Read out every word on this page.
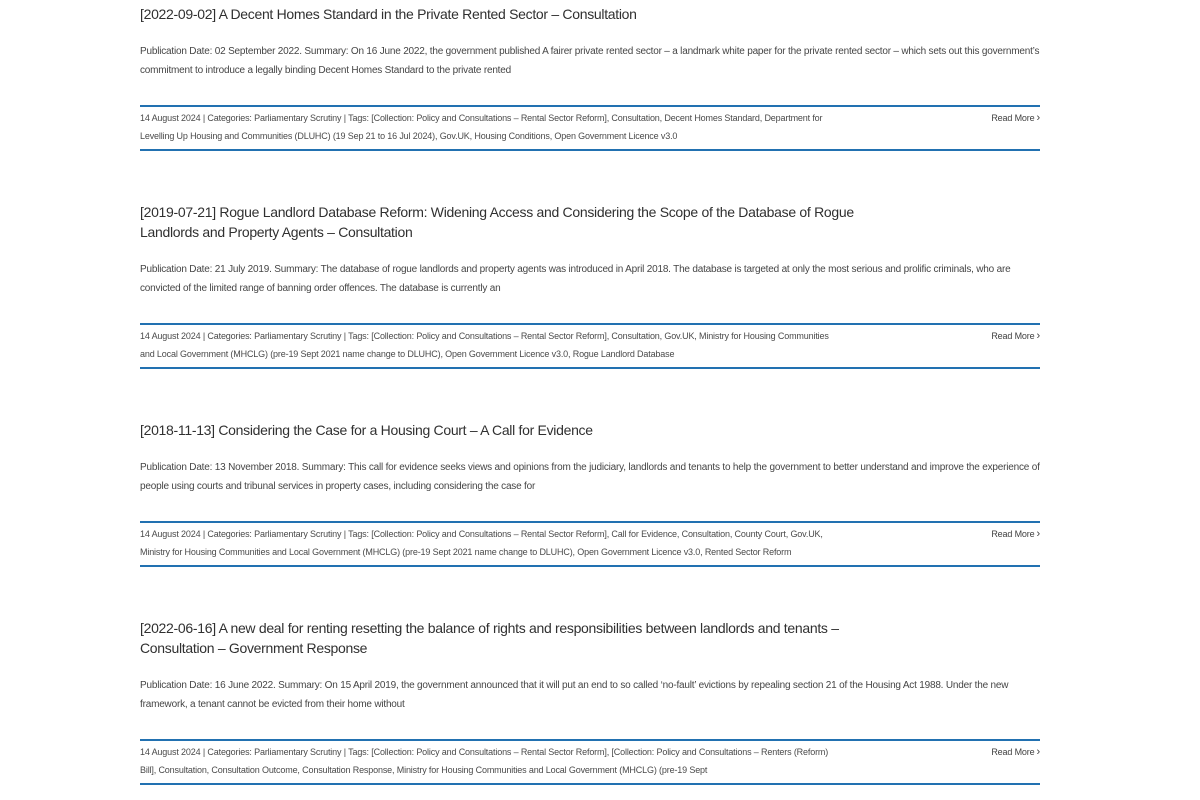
[2022-09-02] A Decent Homes Standard in the Private Rented Sector – Consultation

Publication Date: 02 September 2022. Summary: On 16 June 2022, the government published A fairer private rented sector – a landmark white paper for the private rented sector – which sets out this government’s commitment to introduce a legally binding Decent Homes Standard to the private rented

14 August 2024 | Categories: Parliamentary Scrutiny | Tags: [Collection: Policy and Consultations – Rental Sector Reform], Consultation, Decent Homes Standard, Department for Levelling Up Housing and Communities (DLUHC) (19 Sep 21 to 16 Jul 2024), Gov.UK, Housing Conditions, Open Government Licence v3.0

Read More ›
[2019-07-21] Rogue Landlord Database Reform: Widening Access and Considering the Scope of the Database of Rogue Landlords and Property Agents – Consultation

Publication Date: 21 July 2019. Summary: The database of rogue landlords and property agents was introduced in April 2018. The database is targeted at only the most serious and prolific criminals, who are convicted of the limited range of banning order offences. The database is currently an

14 August 2024 | Categories: Parliamentary Scrutiny | Tags: [Collection: Policy and Consultations – Rental Sector Reform], Consultation, Gov.UK, Ministry for Housing Communities and Local Government (MHCLG) (pre-19 Sept 2021 name change to DLUHC), Open Government Licence v3.0, Rogue Landlord Database

Read More ›
[2018-11-13] Considering the Case for a Housing Court – A Call for Evidence

Publication Date: 13 November 2018. Summary: This call for evidence seeks views and opinions from the judiciary, landlords and tenants to help the government to better understand and improve the experience of people using courts and tribunal services in property cases, including considering the case for

14 August 2024 | Categories: Parliamentary Scrutiny | Tags: [Collection: Policy and Consultations – Rental Sector Reform], Call for Evidence, Consultation, County Court, Gov.UK, Ministry for Housing Communities and Local Government (MHCLG) (pre-19 Sept 2021 name change to DLUHC), Open Government Licence v3.0, Rented Sector Reform

Read More ›
[2022-06-16] A new deal for renting resetting the balance of rights and responsibilities between landlords and tenants – Consultation – Government Response

Publication Date: 16 June 2022. Summary: On 15 April 2019, the government announced that it will put an end to so called ‘no-fault’ evictions by repealing section 21 of the Housing Act 1988. Under the new framework, a tenant cannot be evicted from their home without

14 August 2024 | Categories: Parliamentary Scrutiny | Tags: [Collection: Policy and Consultations – Rental Sector Reform], [Collection: Policy and Consultations – Renters (Reform) Bill], Consultation, Consultation Outcome, Consultation Response, Ministry for Housing Communities and Local Government (MHCLG) (pre-19 Sept

Read More ›
